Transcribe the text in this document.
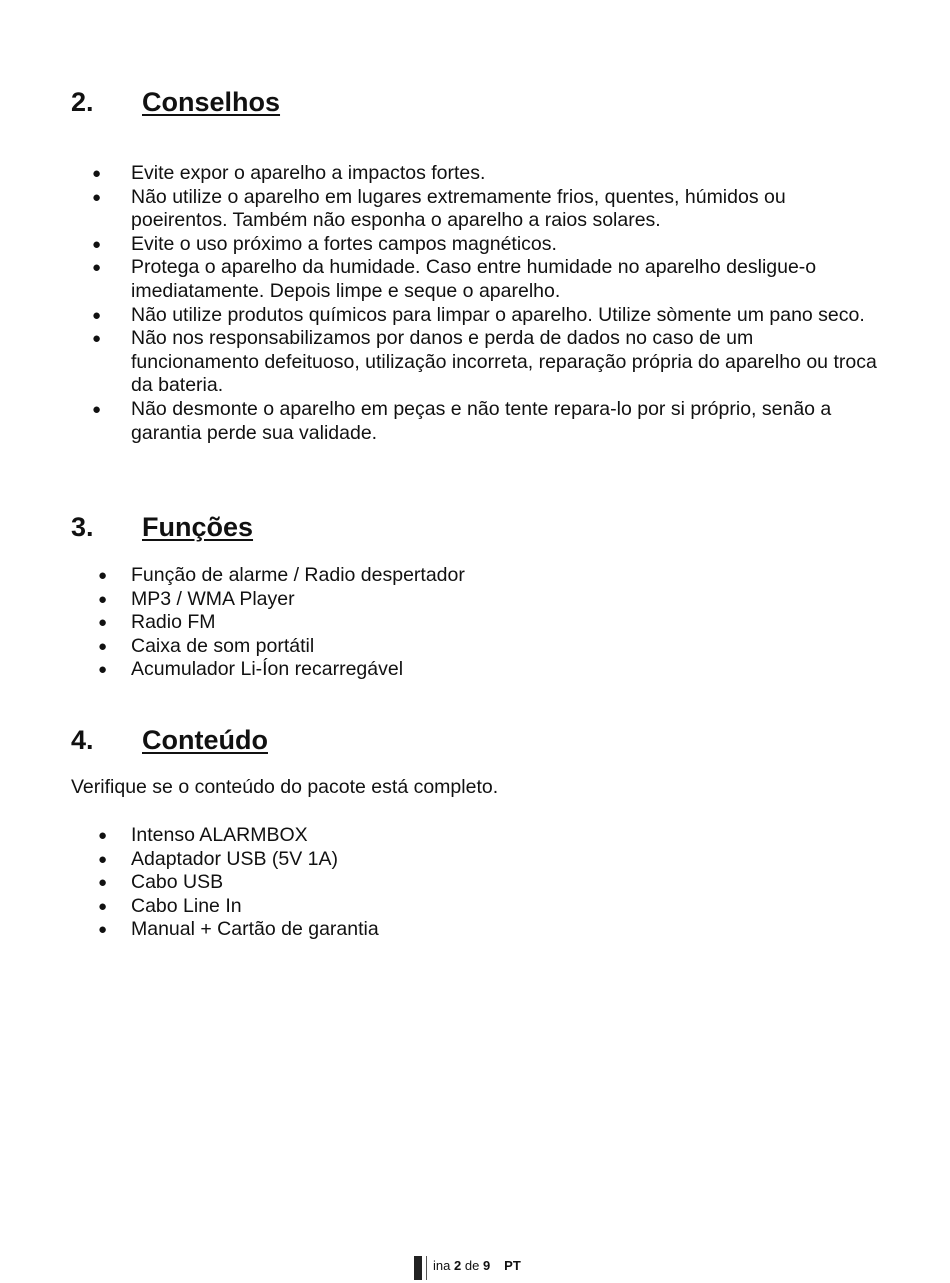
2. Conselhos
● Evite expor o aparelho a impactos fortes.
● Não utilize o aparelho em lugares extremamente frios, quentes, húmidos ou poeirentos. Também não esponha o aparelho a raios solares.
● Evite o uso próximo a fortes campos magnéticos.
● Protega o aparelho da humidade. Caso entre humidade no aparelho desligue-o imediatamente. Depois limpe e seque o aparelho.
● Não utilize produtos químicos para limpar o aparelho. Utilize sòmente um pano seco.
● Não nos responsabilizamos por danos e perda de dados no caso de um funcionamento defeituoso, utilização incorreta, reparação própria do aparelho ou troca da bateria.
● Não desmonte o aparelho em peças e não tente repara-lo por si próprio, senão a garantia perde sua validade.
3. Funções
● Função de alarme / Radio despertador
● MP3 / WMA Player
● Radio FM
● Caixa de som portátil
● Acumulador Li-Íon recarregável
4. Conteúdo

Verifique se o conteúdo do pacote está completo.

● Intenso ALARMBOX
● Adaptador USB (5V 1A)
● Cabo USB
● Cabo Line In
● Manual + Cartão de garantia
ina 2 de 9 PT
